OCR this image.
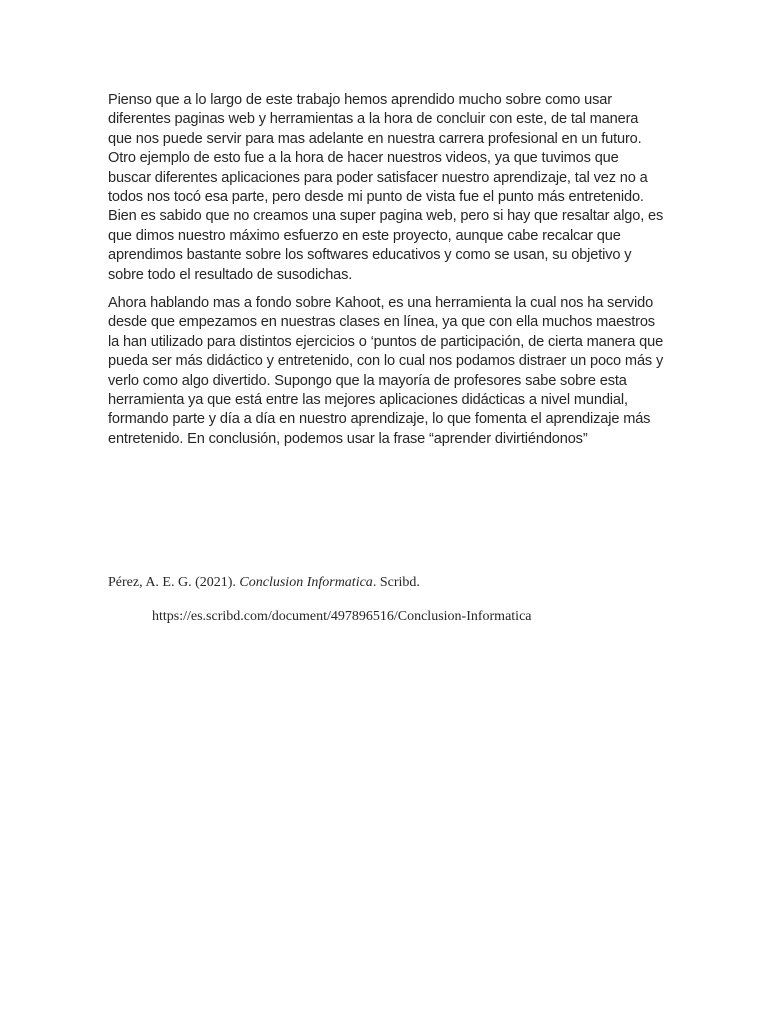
Pienso que a lo largo de este trabajo hemos aprendido mucho sobre como usar diferentes paginas web y herramientas a la hora de concluir con este, de tal manera que nos puede servir para mas adelante en nuestra carrera profesional en un futuro. Otro ejemplo de esto fue a la hora de hacer nuestros videos, ya que tuvimos que buscar diferentes aplicaciones para poder satisfacer nuestro aprendizaje, tal vez no a todos nos tocó esa parte, pero desde mi punto de vista fue el punto más entretenido. Bien es sabido que no creamos una super pagina web, pero si hay que resaltar algo, es que dimos nuestro máximo esfuerzo en este proyecto, aunque cabe recalcar que aprendimos bastante sobre los softwares educativos y como se usan, su objetivo y sobre todo el resultado de susodichas.

Ahora hablando mas a fondo sobre Kahoot, es una herramienta la cual nos ha servido desde que empezamos en nuestras clases en línea, ya que con ella muchos maestros la han utilizado para distintos ejercicios o ‘puntos de participación, de cierta manera que pueda ser más didáctico y entretenido, con lo cual nos podamos distraer un poco más y verlo como algo divertido. Supongo que la mayoría de profesores sabe sobre esta herramienta ya que está entre las mejores aplicaciones didácticas a nivel mundial, formando parte y día a día en nuestro aprendizaje, lo que fomenta el aprendizaje más entretenido. En conclusión, podemos usar la frase “aprender divirtiéndonos”

Pérez, A. E. G. (2021). Conclusion Informatica. Scribd.

https://es.scribd.com/document/497896516/Conclusion-Informatica
